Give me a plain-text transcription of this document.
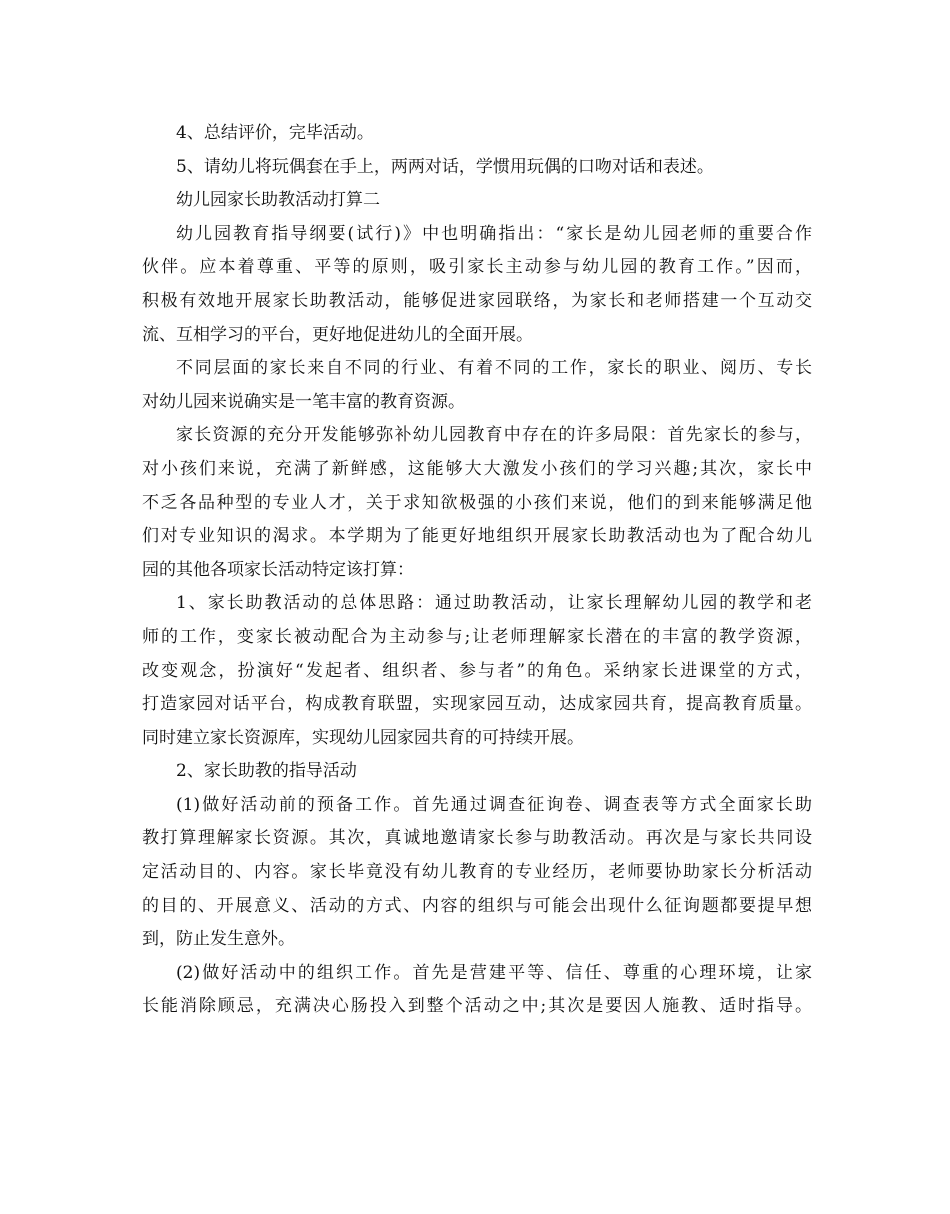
4、总结评价，完毕活动。
5、请幼儿将玩偶套在手上，两两对话，学惯用玩偶的口吻对话和表述。
幼儿园家长助教活动打算二
幼儿园教育指导纲要(试行)》中也明确指出：“家长是幼儿园老师的重要合作
伙伴。应本着尊重、平等的原则，吸引家长主动参与幼儿园的教育工作。”因而，
积极有效地开展家长助教活动，能够促进家园联络，为家长和老师搭建一个互动交
流、互相学习的平台，更好地促进幼儿的全面开展。
不同层面的家长来自不同的行业、有着不同的工作，家长的职业、阅历、专长
对幼儿园来说确实是一笔丰富的教育资源。
家长资源的充分开发能够弥补幼儿园教育中存在的许多局限：首先家长的参与，
对小孩们来说，充满了新鲜感，这能够大大激发小孩们的学习兴趣;其次，家长中
不乏各品种型的专业人才，关于求知欲极强的小孩们来说，他们的到来能够满足他
们对专业知识的渴求。本学期为了能更好地组织开展家长助教活动也为了配合幼儿
园的其他各项家长活动特定该打算：
1、家长助教活动的总体思路：通过助教活动，让家长理解幼儿园的教学和老
师的工作，变家长被动配合为主动参与;让老师理解家长潜在的丰富的教学资源，
改变观念，扮演好“发起者、组织者、参与者”的角色。采纳家长进课堂的方式，
打造家园对话平台，构成教育联盟，实现家园互动，达成家园共育，提高教育质量。
同时建立家长资源库，实现幼儿园家园共育的可持续开展。
2、家长助教的指导活动
(1)做好活动前的预备工作。首先通过调查征询卷、调查表等方式全面家长助
教打算理解家长资源。其次，真诚地邀请家长参与助教活动。再次是与家长共同设
定活动目的、内容。家长毕竟没有幼儿教育的专业经历，老师要协助家长分析活动
的目的、开展意义、活动的方式、内容的组织与可能会出现什么征询题都要提早想
到，防止发生意外。
(2)做好活动中的组织工作。首先是营建平等、信任、尊重的心理环境，让家
长能消除顾忌，充满决心肠投入到整个活动之中;其次是要因人施教、适时指导。
